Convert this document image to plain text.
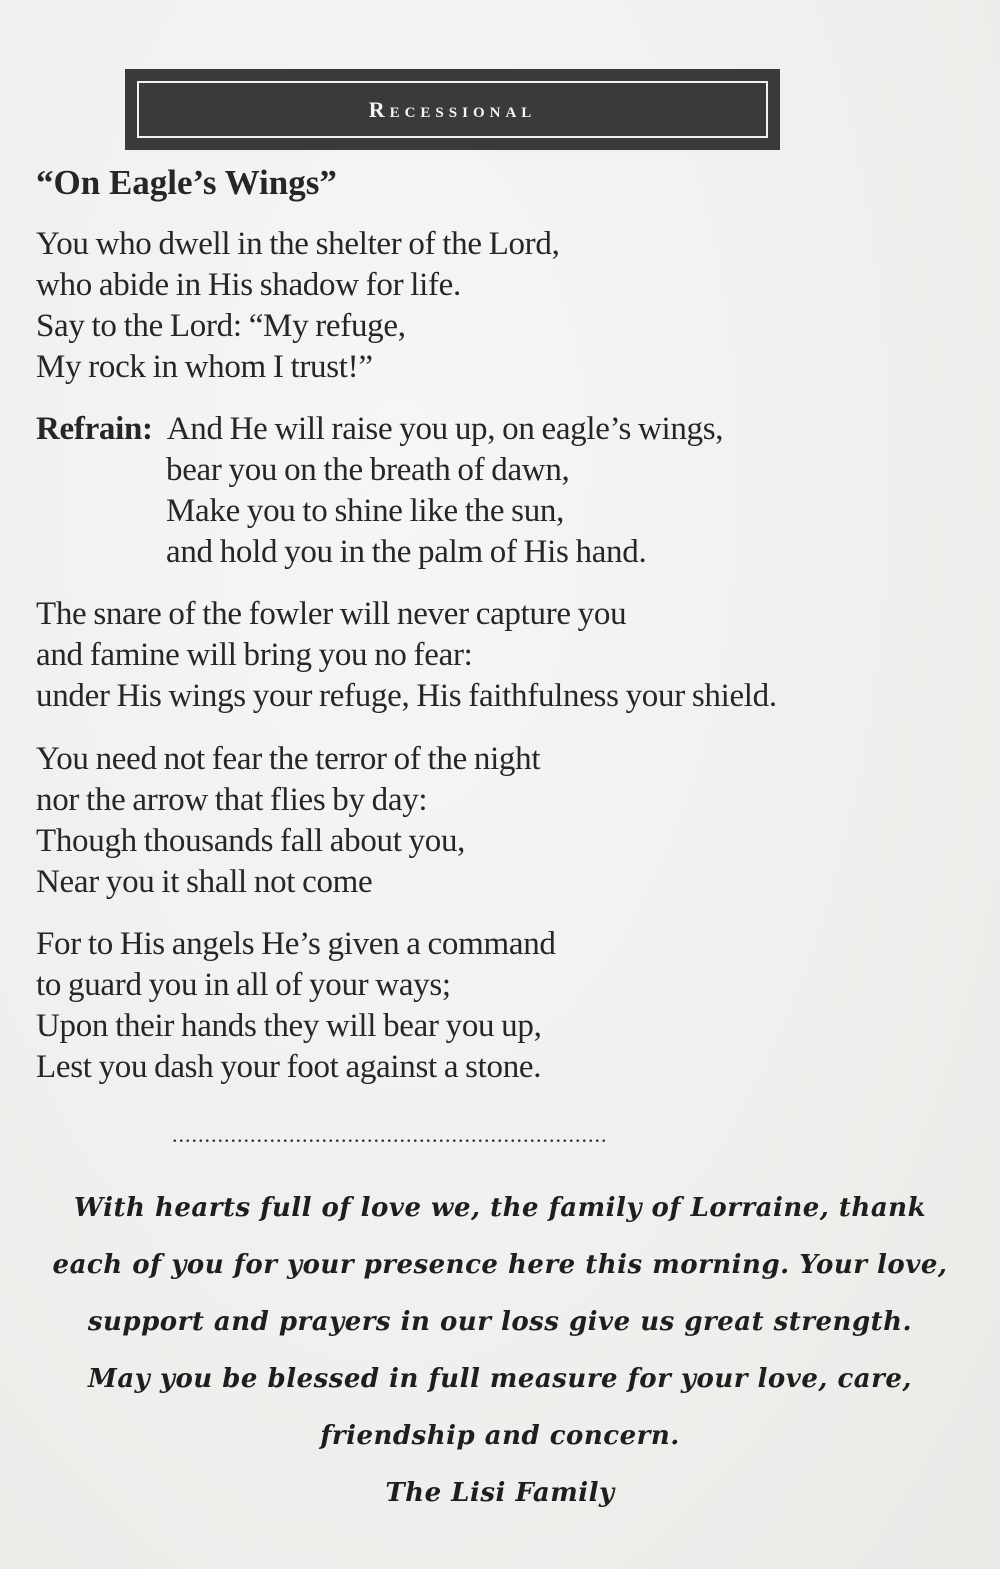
Recessional
“On Eagle’s Wings”
You who dwell in the shelter of the Lord,
who abide in His shadow for life.
Say to the Lord: “My refuge,
My rock in whom I trust!”
Refrain: And He will raise you up, on eagle’s wings,
bear you on the breath of dawn,
Make you to shine like the sun,
and hold you in the palm of His hand.
The snare of the fowler will never capture you
and famine will bring you no fear:
under His wings your refuge, His faithfulness your shield.
You need not fear the terror of the night
nor the arrow that flies by day:
Though thousands fall about you,
Near you it shall not come
For to His angels He’s given a command
to guard you in all of your ways;
Upon their hands they will bear you up,
Lest you dash your foot against a stone.
...................................................................
With hearts full of love we, the family of Lorraine, thank
each of you for your presence here this morning. Your love,
support and prayers in our loss give us great strength.
May you be blessed in full measure for your love, care,
friendship and concern.
The Lisi Family
